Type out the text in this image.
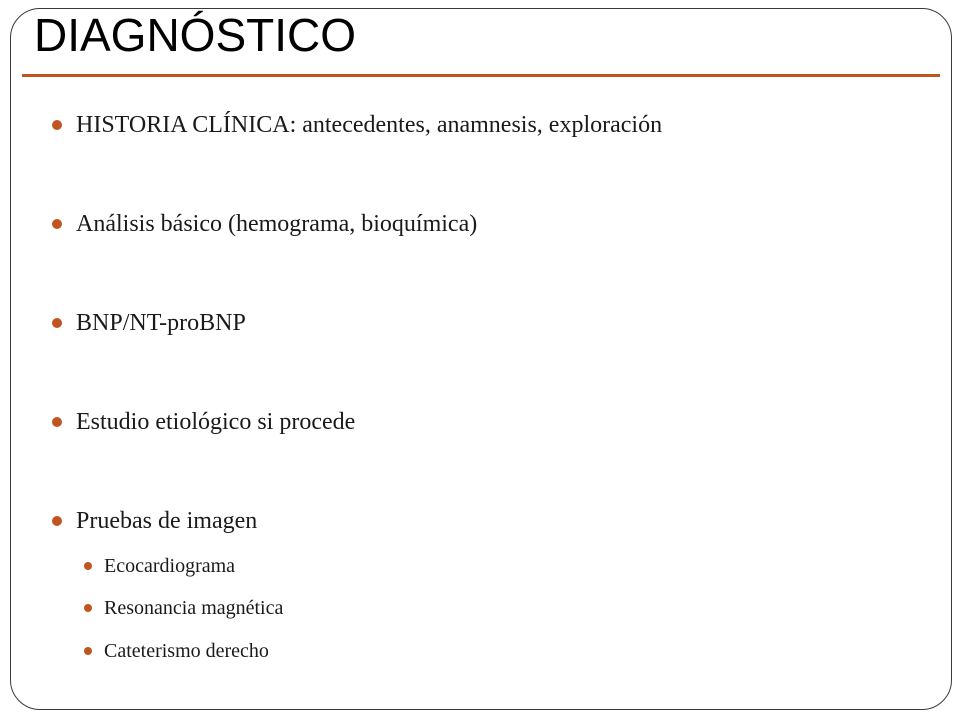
DIAGNÓSTICO
HISTORIA CLÍNICA: antecedentes, anamnesis, exploración
Análisis básico (hemograma, bioquímica)
BNP/NT-proBNP
Estudio etiológico si procede
Pruebas de imagen
Ecocardiograma
Resonancia magnética
Cateterismo derecho
